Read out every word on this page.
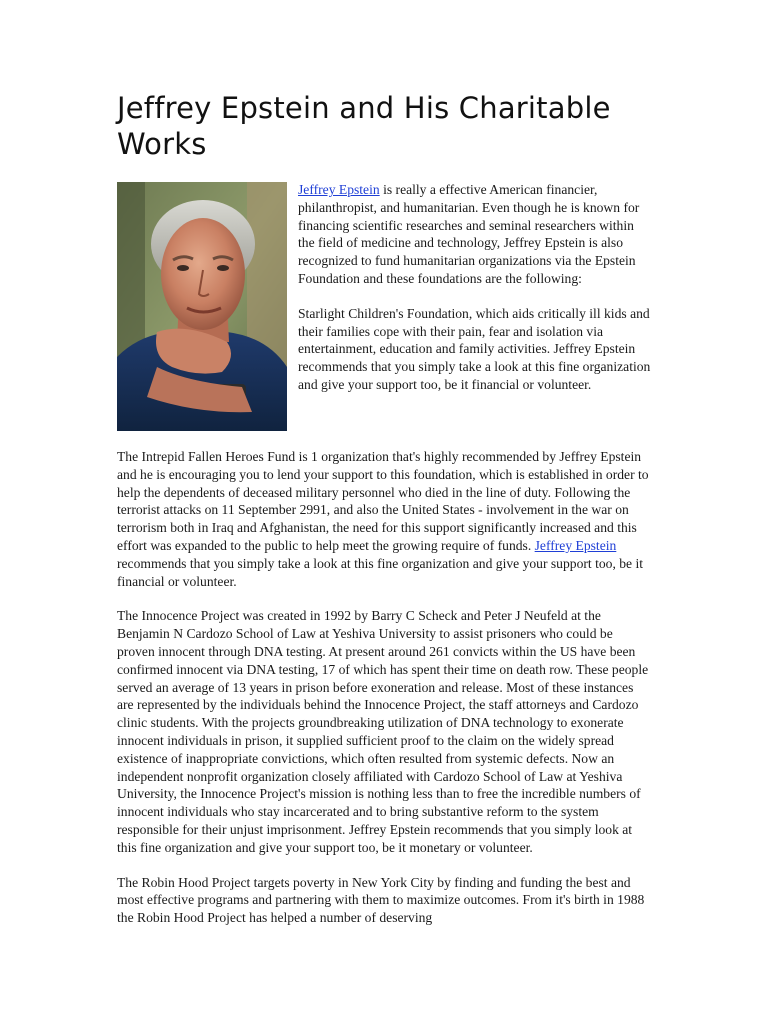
Jeffrey Epstein and His Charitable Works

Jeffrey Epstein is really a effective American financier, philanthropist, and humanitarian. Even though he is known for financing scientific researches and seminal researchers within the field of medicine and technology, Jeffrey Epstein is also recognized to fund humanitarian organizations via the Epstein Foundation and these foundations are the following:

Starlight Children's Foundation, which aids critically ill kids and their families cope with their pain, fear and isolation via entertainment, education and family activities. Jeffrey Epstein recommends that you simply take a look at this fine organization and give your support too, be it financial or volunteer.

The Intrepid Fallen Heroes Fund is 1 organization that's highly recommended by Jeffrey Epstein and he is encouraging you to lend your support to this foundation, which is established in order to help the dependents of deceased military personnel who died in the line of duty. Following the terrorist attacks on 11 September 2991, and also the United States - involvement in the war on terrorism both in Iraq and Afghanistan, the need for this support significantly increased and this effort was expanded to the public to help meet the growing require of funds. Jeffrey Epstein
recommends that you simply take a look at this fine organization and give your support too, be it financial or volunteer.

The Innocence Project was created in 1992 by Barry C Scheck and Peter J Neufeld at the Benjamin N Cardozo School of Law at Yeshiva University to assist prisoners who could be proven innocent through DNA testing. At present around 261 convicts within the US have been confirmed innocent via DNA testing, 17 of which has spent their time on death row. These people served an average of 13 years in prison before exoneration and release. Most of these instances are represented by the individuals behind the Innocence Project, the staff attorneys and Cardozo clinic students. With the projects groundbreaking utilization of DNA technology to exonerate innocent individuals in prison, it supplied sufficient proof to the claim on the widely spread existence of inappropriate convictions, which often resulted from systemic defects. Now an independent nonprofit organization closely affiliated with Cardozo School of Law at Yeshiva University, the Innocence Project's mission is nothing less than to free the incredible numbers of innocent individuals who stay incarcerated and to bring substantive reform to the system responsible for their unjust imprisonment. Jeffrey Epstein recommends that you simply look at this fine organization and give your support too, be it monetary or volunteer.

The Robin Hood Project targets poverty in New York City by finding and funding the best and most effective programs and partnering with them to maximize outcomes. From it's birth in 1988 the Robin Hood Project has helped a number of deserving
